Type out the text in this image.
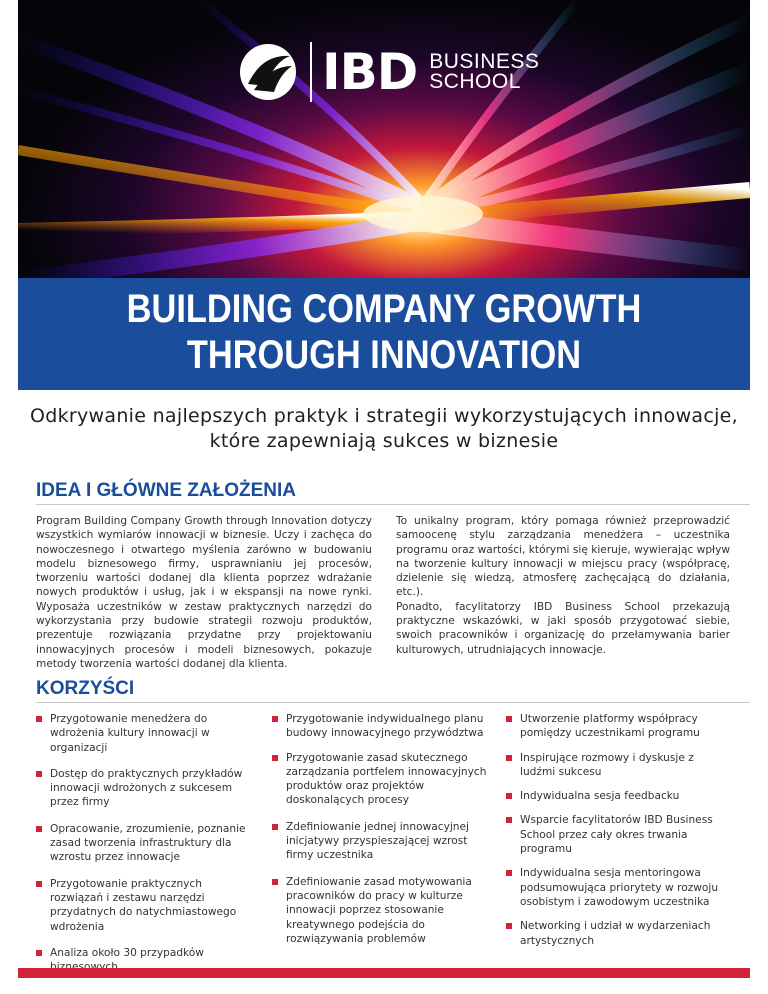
IBD BUSINESS
SCHOOL
BUILDING COMPANY GROWTH
THROUGH INNOVATION
Odkrywanie najlepszych praktyk i strategii wykorzystujących innowacje,
które zapewniają sukces w biznesie
IDEA I GŁÓWNE ZAŁOŻENIA

Program Building Company Growth through Innovation dotyczy wszystkich wymiarów innowacji w biznesie. Uczy i zachęca do nowoczesnego i otwartego myślenia zarówno w budowaniu modelu biznesowego firmy, usprawnianiu jej procesów, tworzeniu wartości dodanej dla klienta poprzez wdrażanie nowych produktów i usług, jak i w ekspansji na nowe rynki. Wyposaża uczestników w zestaw praktycznych narzędzi do wykorzystania przy budowie strategii rozwoju produktów, prezentuje rozwiązania przydatne przy projektowaniu innowacyjnych procesów i modeli biznesowych, pokazuje metody tworzenia wartości dodanej dla klienta.

To unikalny program, który pomaga również przeprowadzić samoocenę stylu zarządzania menedżera – uczestnika programu oraz wartości, którymi się kieruje, wywierając wpływ na tworzenie kultury innowacji w miejscu pracy (współpracę, dzielenie się wiedzą, atmosferę zachęcającą do działania, etc.).

Ponadto, facylitatorzy IBD Business School przekazują praktyczne wskazówki, w jaki sposób przygotować siebie, swoich pracowników i organizację do przełamywania barier kulturowych, utrudniających innowacje.

KORZYŚCI
Przygotowanie menedżera do wdrożenia kultury innowacji w organizacji
Dostęp do praktycznych przykładów innowacji wdrożonych z sukcesem przez firmy
Opracowanie, zrozumienie, poznanie zasad tworzenia infrastruktury dla wzrostu przez innowacje
Przygotowanie praktycznych rozwiązań i zestawu narzędzi przydatnych do natychmiastowego wdrożenia
Analiza około 30 przypadków
Przygotowanie indywidualnego planu budowy innowacyjnego przywództwa
Przygotowanie zasad skutecznego zarządzania portfelem innowacyjnych produktów oraz projektów doskonalących procesy
Zdefiniowanie jednej innowacyjnej inicjatywy przyspieszającej wzrost firmy uczestnika
Zdefiniowanie zasad motywowania pracowników do pracy w kulturze innowacji poprzez stosowanie kreatywnego podejścia do rozwiązywania problemów
Utworzenie platformy współpracy pomiędzy uczestnikami programu
Inspirujące rozmowy i dyskusje z ludźmi sukcesu
Indywidualna sesja feedbacku
Wsparcie facylitatorów IBD Business School przez cały okres trwania programu
Indywidualna sesja mentoringowa podsumowująca priorytety w rozwoju osobistym i zawodowym uczestnika
Networking i udział w wydarzeniach artystycznych
